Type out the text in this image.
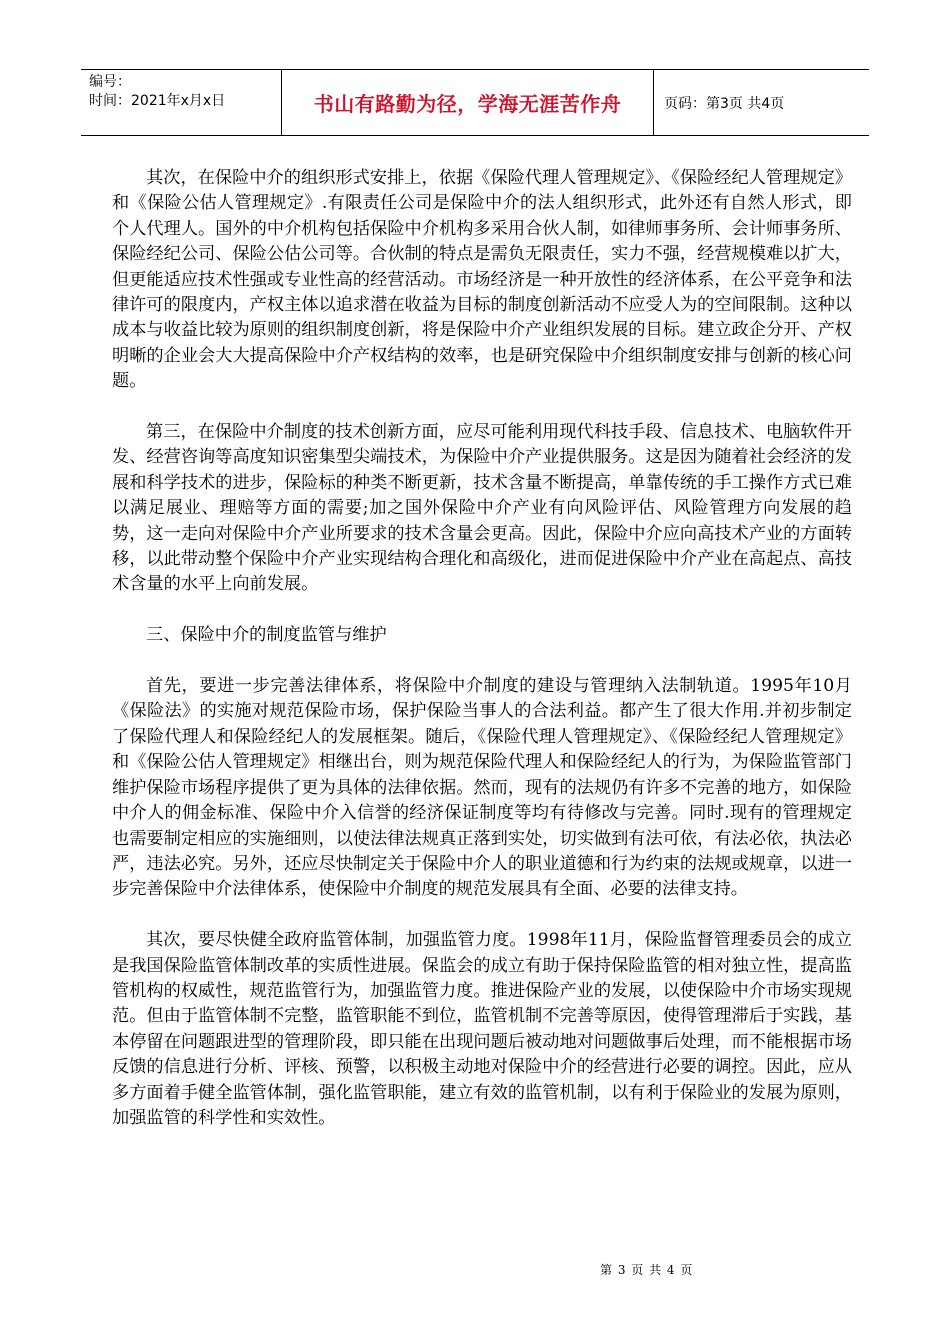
编号：
时间：2021年x月x日	书山有路勤为径，学海无涯苦作舟	页码：第3页 共4页

其次，在保险中介的组织形式安排上，依据《保险代理人管理规定》、《保险经纪人管理规定》和《保险公估人管理规定》.有限责任公司是保险中介的法人组织形式，此外还有自然人形式，即个人代理人。国外的中介机构包括保险中介机构多采用合伙人制，如律师事务所、会计师事务所、保险经纪公司、保险公估公司等。合伙制的特点是需负无限责任，实力不强，经营规模难以扩大，但更能适应技术性强或专业性高的经营活动。市场经济是一种开放性的经济体系，在公平竞争和法律许可的限度内，产权主体以追求潜在收益为目标的制度创新活动不应受人为的空间限制。这种以成本与收益比较为原则的组织制度创新，将是保险中介产业组织发展的目标。建立政企分开、产权明晰的企业会大大提高保险中介产权结构的效率，也是研究保险中介组织制度安排与创新的核心问题。

第三，在保险中介制度的技术创新方面，应尽可能利用现代科技手段、信息技术、电脑软件开发、经营咨询等高度知识密集型尖端技术，为保险中介产业提供服务。这是因为随着社会经济的发展和科学技术的进步，保险标的种类不断更新，技术含量不断提高，单靠传统的手工操作方式已难以满足展业、理赔等方面的需要;加之国外保险中介产业有向风险评估、风险管理方向发展的趋势，这一走向对保险中介产业所要求的技术含量会更高。因此，保险中介应向高技术产业的方面转移，以此带动整个保险中介产业实现结构合理化和高级化，进而促进保险中介产业在高起点、高技术含量的水平上向前发展。

三、保险中介的制度监管与维护

首先，要进一步完善法律体系，将保险中介制度的建设与管理纳入法制轨道。1995年10月《保险法》的实施对规范保险市场，保护保险当事人的合法利益。都产生了很大作用.并初步制定了保险代理人和保险经纪人的发展框架。随后，《保险代理人管理规定》、《保险经纪人管理规定》和《保险公估人管理规定》相继出台，则为规范保险代理人和保险经纪人的行为，为保险监管部门维护保险市场程序提供了更为具体的法律依据。然而，现有的法规仍有许多不完善的地方，如保险中介人的佣金标准、保险中介入信誉的经济保证制度等均有待修改与完善。同时.现有的管理规定也需要制定相应的实施细则，以使法律法规真正落到实处，切实做到有法可依，有法必依，执法必严，违法必究。另外，还应尽快制定关于保险中介人的职业道德和行为约束的法规或规章，以进一步完善保险中介法律体系，使保险中介制度的规范发展具有全面、必要的法律支持。

其次，要尽快健全政府监管体制，加强监管力度。1998年11月，保险监督管理委员会的成立是我国保险监管体制改革的实质性进展。保监会的成立有助于保持保险监管的相对独立性，提高监管机构的权威性，规范监管行为，加强监管力度。推进保险产业的发展，以使保险中介市场实现规范。但由于监管体制不完整，监管职能不到位，监管机制不完善等原因，使得管理滞后于实践，基本停留在问题跟进型的管理阶段，即只能在出现问题后被动地对问题做事后处理，而不能根据市场反馈的信息进行分析、评核、预警，以积极主动地对保险中介的经营进行必要的调控。因此，应从多方面着手健全监管体制，强化监管职能，建立有效的监管机制，以有利于保险业的发展为原则，加强监管的科学性和实效性。

第 3 页 共 4 页
